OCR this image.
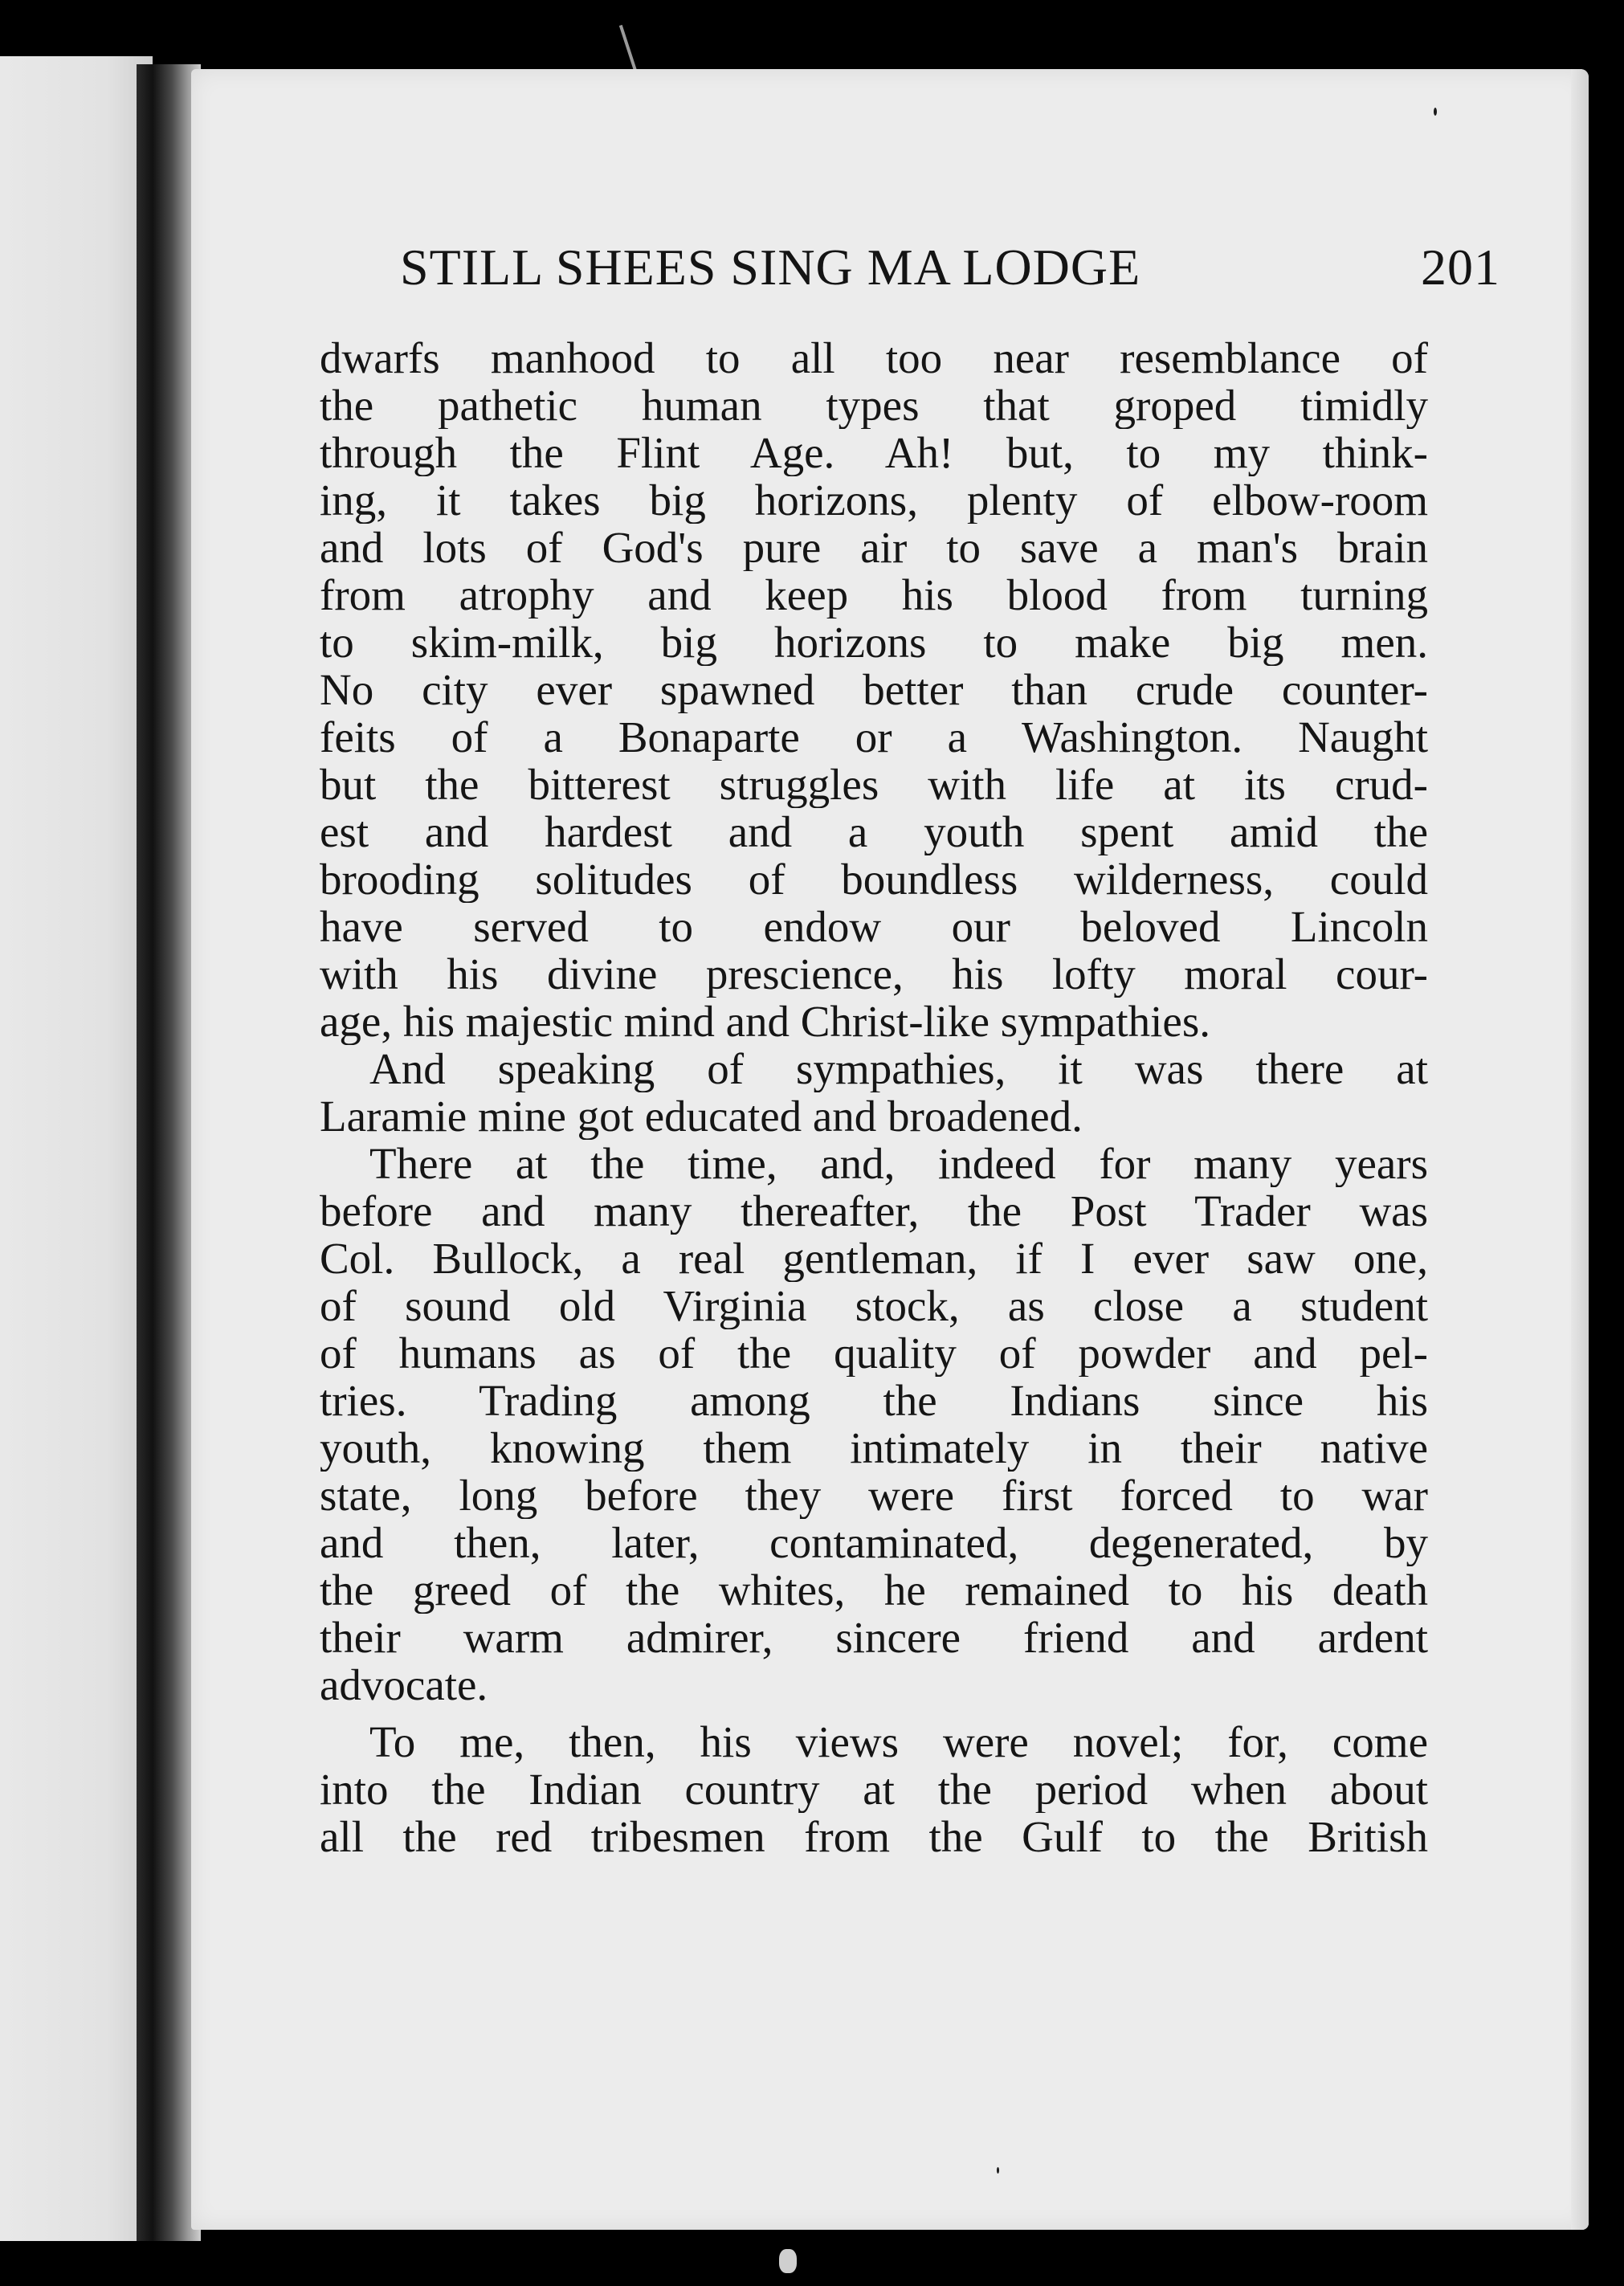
STILL SHEES SING MA LODGE	201
dwarfs manhood to all too near resemblance of
the pathetic human types that groped timidly
through the Flint Age. Ah! but, to my think-
ing, it takes big horizons, plenty of elbow-room
and lots of God's pure air to save a man's brain
from atrophy and keep his blood from turning
to skim-milk, big horizons to make big men.
No city ever spawned better than crude counter-
feits of a Bonaparte or a Washington. Naught
but the bitterest struggles with life at its crud-
est and hardest and a youth spent amid the
brooding solitudes of boundless wilderness, could
have served to endow our beloved Lincoln
with his divine prescience, his lofty moral cour-
age, his majestic mind and Christ-like sympathies.
And speaking of sympathies, it was there at
Laramie mine got educated and broadened.
There at the time, and, indeed for many years
before and many thereafter, the Post Trader was
Col. Bullock, a real gentleman, if I ever saw one,
of sound old Virginia stock, as close a student
of humans as of the quality of powder and pel-
tries. Trading among the Indians since his
youth, knowing them intimately in their native
state, long before they were first forced to war
and then, later, contaminated, degenerated, by
the greed of the whites, he remained to his death
their warm admirer, sincere friend and ardent
advocate.
To me, then, his views were novel; for, come
into the Indian country at the period when about
all the red tribesmen from the Gulf to the British
